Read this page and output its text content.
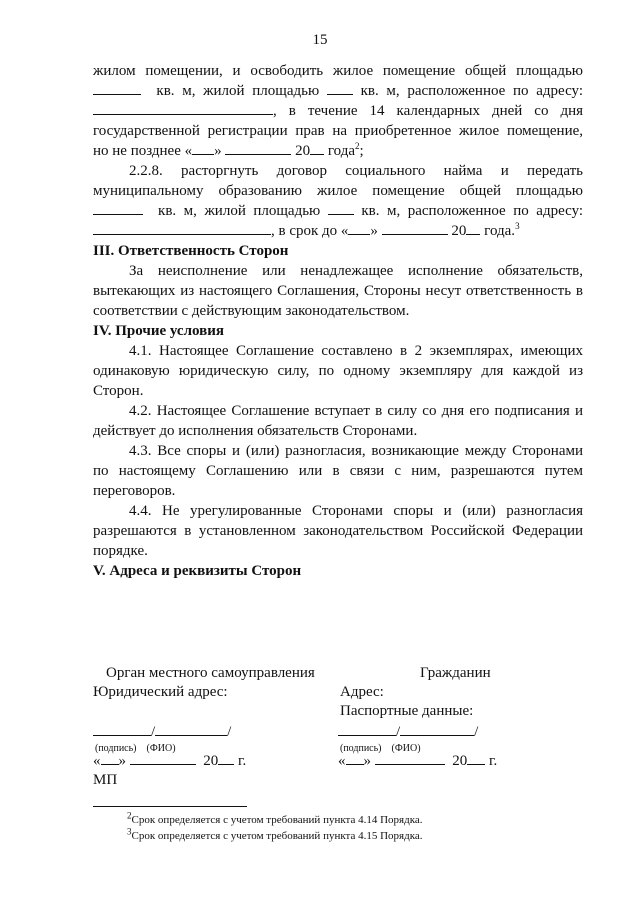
15

жилом помещении, и освободить жилое помещение общей площадью

кв. м, жилой площадью	кв. м, расположенное по адресу:

, в течение 14 календарных дней со дня

государственной регистрации прав на приобретенное жилое помещение,

но не позднее « »	20 года$^2$;

2.2.8. расторгнуть договор социального найма и передать

муниципальному образованию жилое помещение общей площадью

кв. м, жилой площадью	кв. м, расположенное по адресу:

, в срок до « »	20 года.$^3$

III. Ответственность Сторон

За неисполнение или ненадлежащее исполнение обязательств, вытекающих из настоящего Соглашения, Стороны несут ответственность в соответствии с действующим законодательством.

IV. Прочие условия

4.1. Настоящее Соглашение составлено в 2 экземплярах, имеющих одинаковую юридическую силу, по одному экземпляру для каждой из Сторон.

4.2. Настоящее Соглашение вступает в силу со дня его подписания и действует до исполнения обязательств Сторонами.

4.3. Все споры и (или) разногласия, возникающие между Сторонами по настоящему Соглашению или в связи с ним, разрешаются путем переговоров.

4.4. Не урегулированные Сторонами споры и (или) разногласия разрешаются в установленном законодательством Российской Федерации порядке.

V. Адреса и реквизиты Сторон

Орган местного самоуправления
Юридический адрес:
/	/
(подпись) (ФИО)
« »	20 г.
МП
Гражданин
Адрес:
Паспортные данные:
/	/
(подпись) (ФИО)
« »	20 г.
$^2$Срок определяется с учетом требований пункта 4.14 Порядка.
$^3$Срок определяется с учетом требований пункта 4.15 Порядка.
